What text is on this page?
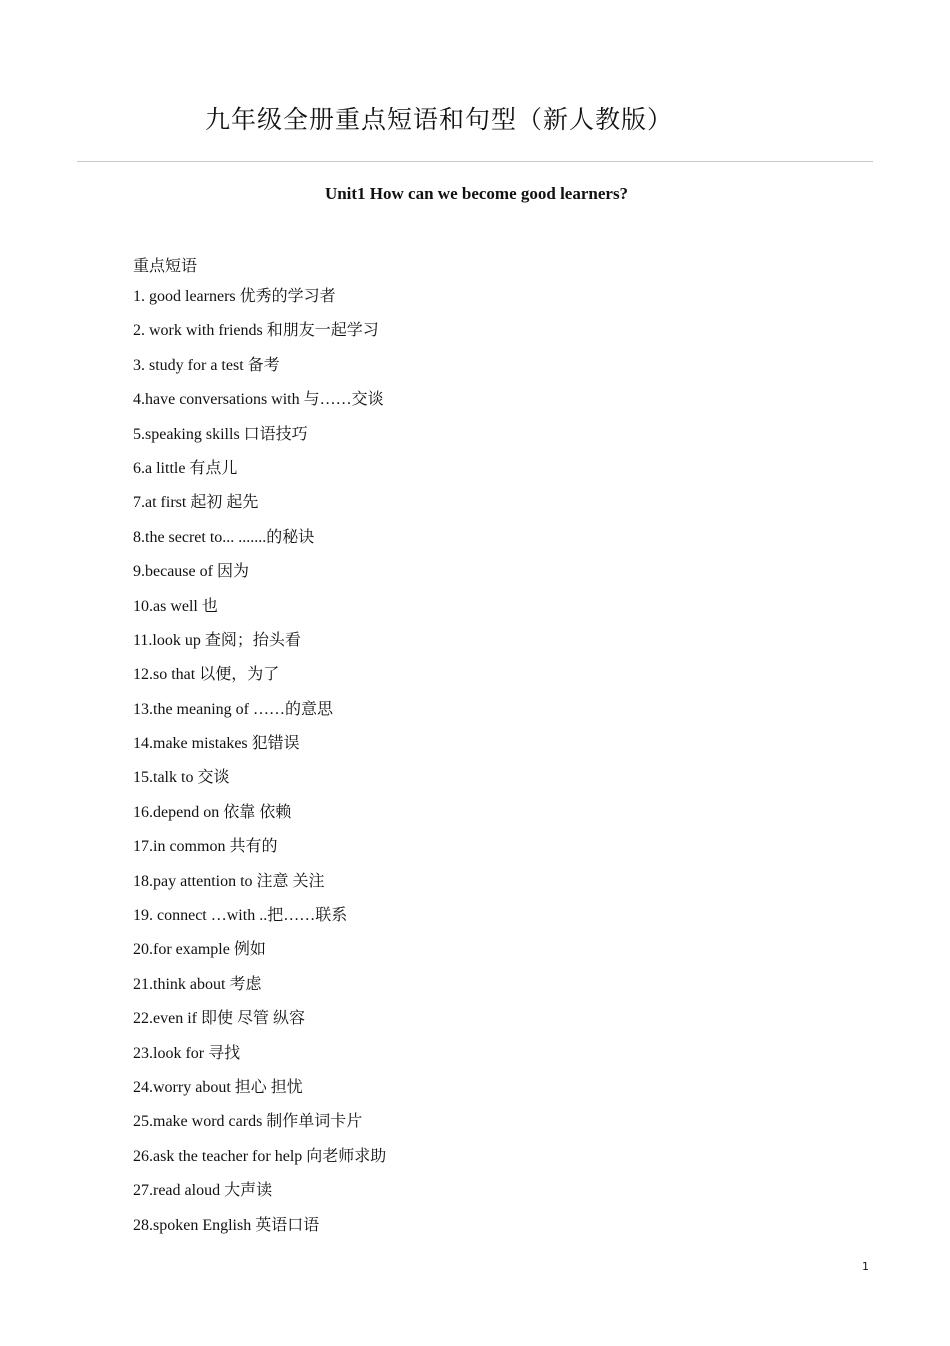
九年级全册重点短语和句型（新人教版）
Unit1 How can we become good learners?
重点短语
1. good learners 优秀的学习者
2. work with friends 和朋友一起学习
3. study for a test 备考
4.have conversations with 与……交谈
5.speaking skills 口语技巧
6.a little 有点儿
7.at first 起初 起先
8.the secret to... .......的秘诀
9.because of 因为
10.as well 也
11.look up 查阅；抬头看
12.so that 以便，为了
13.the meaning of ……的意思
14.make mistakes 犯错误
15.talk to 交谈
16.depend on 依靠 依赖
17.in common 共有的
18.pay attention to 注意 关注
19. connect …with ..把……联系
20.for example 例如
21.think about 考虑
22.even if 即使 尽管 纵容
23.look for 寻找
24.worry about 担心 担忧
25.make word cards 制作单词卡片
26.ask the teacher for help 向老师求助
27.read aloud 大声读
28.spoken English 英语口语
1
